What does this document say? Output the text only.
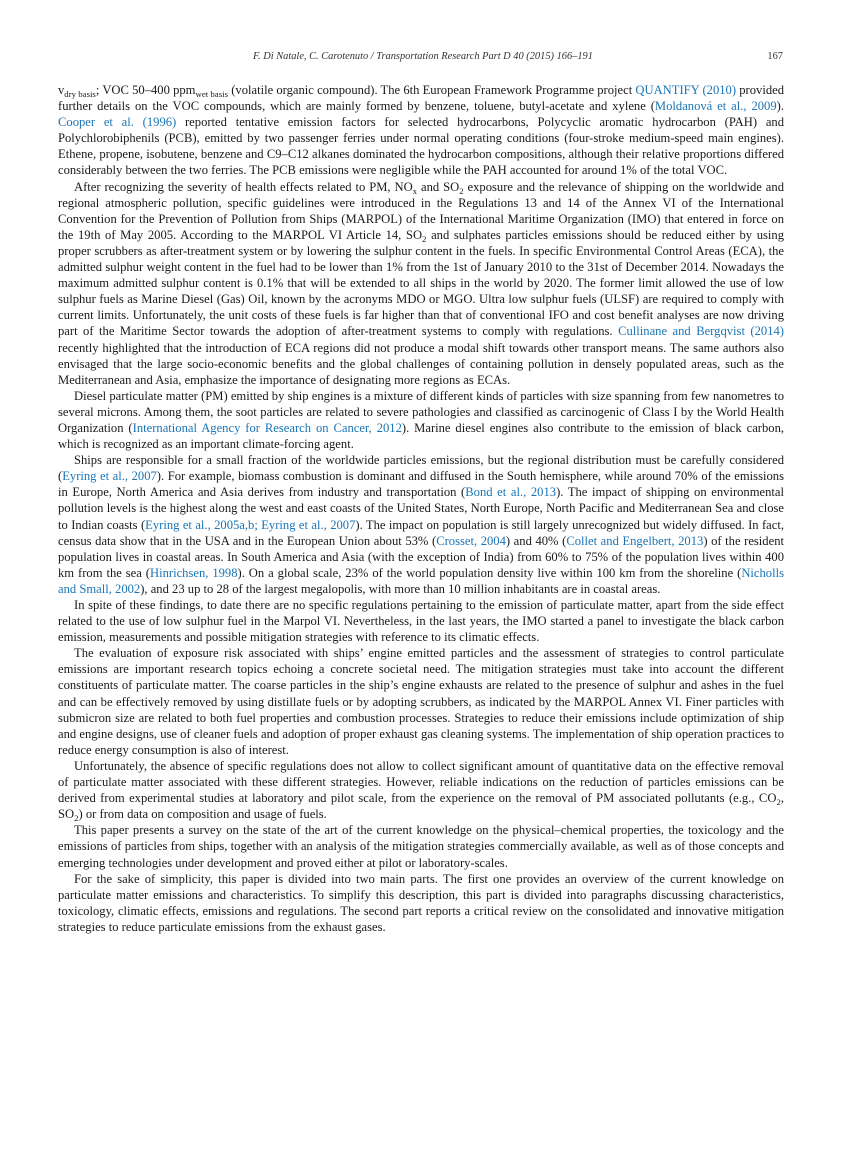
F. Di Natale, C. Carotenuto / Transportation Research Part D 40 (2015) 166–191	167

$v_{dry basis}$; VOC 50–400 ppm$_{wet basis}$ (volatile organic compound). The 6th European Framework Programme project QUANTIFY (2010) provided further details on the VOC compounds, which are mainly formed by benzene, toluene, butyl-acetate and xylene (Moldanová et al., 2009). Cooper et al. (1996) reported tentative emission factors for selected hydrocarbons, Polycyclic aromatic hydrocarbon (PAH) and Polychlorobiphenils (PCB), emitted by two passenger ferries under normal operating conditions (four-stroke medium-speed main engines). Ethene, propene, isobutene, benzene and C9–C12 alkanes dominated the hydrocarbon compositions, although their relative proportions differed considerably between the two ferries. The PCB emissions were negligible while the PAH accounted for around 1% of the total VOC.

After recognizing the severity of health effects related to PM, $NO_x$ and $SO_2$ exposure and the relevance of shipping on the worldwide and regional atmospheric pollution, specific guidelines were introduced in the Regulations 13 and 14 of the Annex VI of the International Convention for the Prevention of Pollution from Ships (MARPOL) of the International Maritime Organization (IMO) that entered in force on the 19th of May 2005. According to the MARPOL VI Article 14, $SO_2$ and sulphates particles emissions should be reduced either by using proper scrubbers as after-treatment system or by lowering the sulphur content in the fuels. In specific Environmental Control Areas (ECA), the admitted sulphur weight content in the fuel had to be lower than 1% from the 1st of January 2010 to the 31st of December 2014. Nowadays the maximum admitted sulphur content is 0.1% that will be extended to all ships in the world by 2020. The former limit allowed the use of low sulphur fuels as Marine Diesel (Gas) Oil, known by the acronyms MDO or MGO. Ultra low sulphur fuels (ULSF) are required to comply with current limits. Unfortunately, the unit costs of these fuels is far higher than that of conventional IFO and cost benefit analyses are now driving part of the Maritime Sector towards the adoption of after-treatment systems to comply with regulations. Cullinane and Bergqvist (2014) recently highlighted that the introduction of ECA regions did not produce a modal shift towards other transport means. The same authors also envisaged that the large socio-economic benefits and the global challenges of containing pollution in densely populated areas, such as the Mediterranean and Asia, emphasize the importance of designating more regions as ECAs.

Diesel particulate matter (PM) emitted by ship engines is a mixture of different kinds of particles with size spanning from few nanometres to several microns. Among them, the soot particles are related to severe pathologies and classified as carcinogenic of Class I by the World Health Organization (International Agency for Research on Cancer, 2012). Marine diesel engines also contribute to the emission of black carbon, which is recognized as an important climate-forcing agent.

Ships are responsible for a small fraction of the worldwide particles emissions, but the regional distribution must be carefully considered (Eyring et al., 2007). For example, biomass combustion is dominant and diffused in the South hemisphere, while around 70% of the emissions in Europe, North America and Asia derives from industry and transportation (Bond et al., 2013). The impact of shipping on environmental pollution levels is the highest along the west and east coasts of the United States, North Europe, North Pacific and Mediterranean Sea and close to Indian coasts (Eyring et al., 2005a,b; Eyring et al., 2007). The impact on population is still largely unrecognized but widely diffused. In fact, census data show that in the USA and in the European Union about 53% (Crosset, 2004) and 40% (Collet and Engelbert, 2013) of the resident population lives in coastal areas. In South America and Asia (with the exception of India) from 60% to 75% of the population lives within 400 km from the sea (Hinrichsen, 1998). On a global scale, 23% of the world population density live within 100 km from the shoreline (Nicholls and Small, 2002), and 23 up to 28 of the largest megalopolis, with more than 10 million inhabitants are in coastal areas.

In spite of these findings, to date there are no specific regulations pertaining to the emission of particulate matter, apart from the side effect related to the use of low sulphur fuel in the Marpol VI. Nevertheless, in the last years, the IMO started a panel to investigate the black carbon emission, measurements and possible mitigation strategies with reference to its climatic effects.

The evaluation of exposure risk associated with ships’ engine emitted particles and the assessment of strategies to control particulate emissions are important research topics echoing a concrete societal need. The mitigation strategies must take into account the different constituents of particulate matter. The coarse particles in the ship’s engine exhausts are related to the presence of sulphur and ashes in the fuel and can be effectively removed by using distillate fuels or by adopting scrubbers, as indicated by the MARPOL Annex VI. Finer particles with submicron size are related to both fuel properties and combustion processes. Strategies to reduce their emissions include optimization of ship and engine designs, use of cleaner fuels and adoption of proper exhaust gas cleaning systems. The implementation of ship operation practices to reduce energy consumption is also of interest.

Unfortunately, the absence of specific regulations does not allow to collect significant amount of quantitative data on the effective removal of particulate matter associated with these different strategies. However, reliable indications on the reduction of particles emissions can be derived from experimental studies at laboratory and pilot scale, from the experience on the removal of PM associated pollutants (e.g., $CO_2$, $SO_2$) or from data on composition and usage of fuels.

This paper presents a survey on the state of the art of the current knowledge on the physical–chemical properties, the toxicology and the emissions of particles from ships, together with an analysis of the mitigation strategies commercially available, as well as of those concepts and emerging technologies under development and proved either at pilot or laboratory-scales.

For the sake of simplicity, this paper is divided into two main parts. The first one provides an overview of the current knowledge on particulate matter emissions and characteristics. To simplify this description, this part is divided into paragraphs discussing characteristics, toxicology, climatic effects, emissions and regulations. The second part reports a critical review on the consolidated and innovative mitigation strategies to reduce particulate emissions from the exhaust gases.
